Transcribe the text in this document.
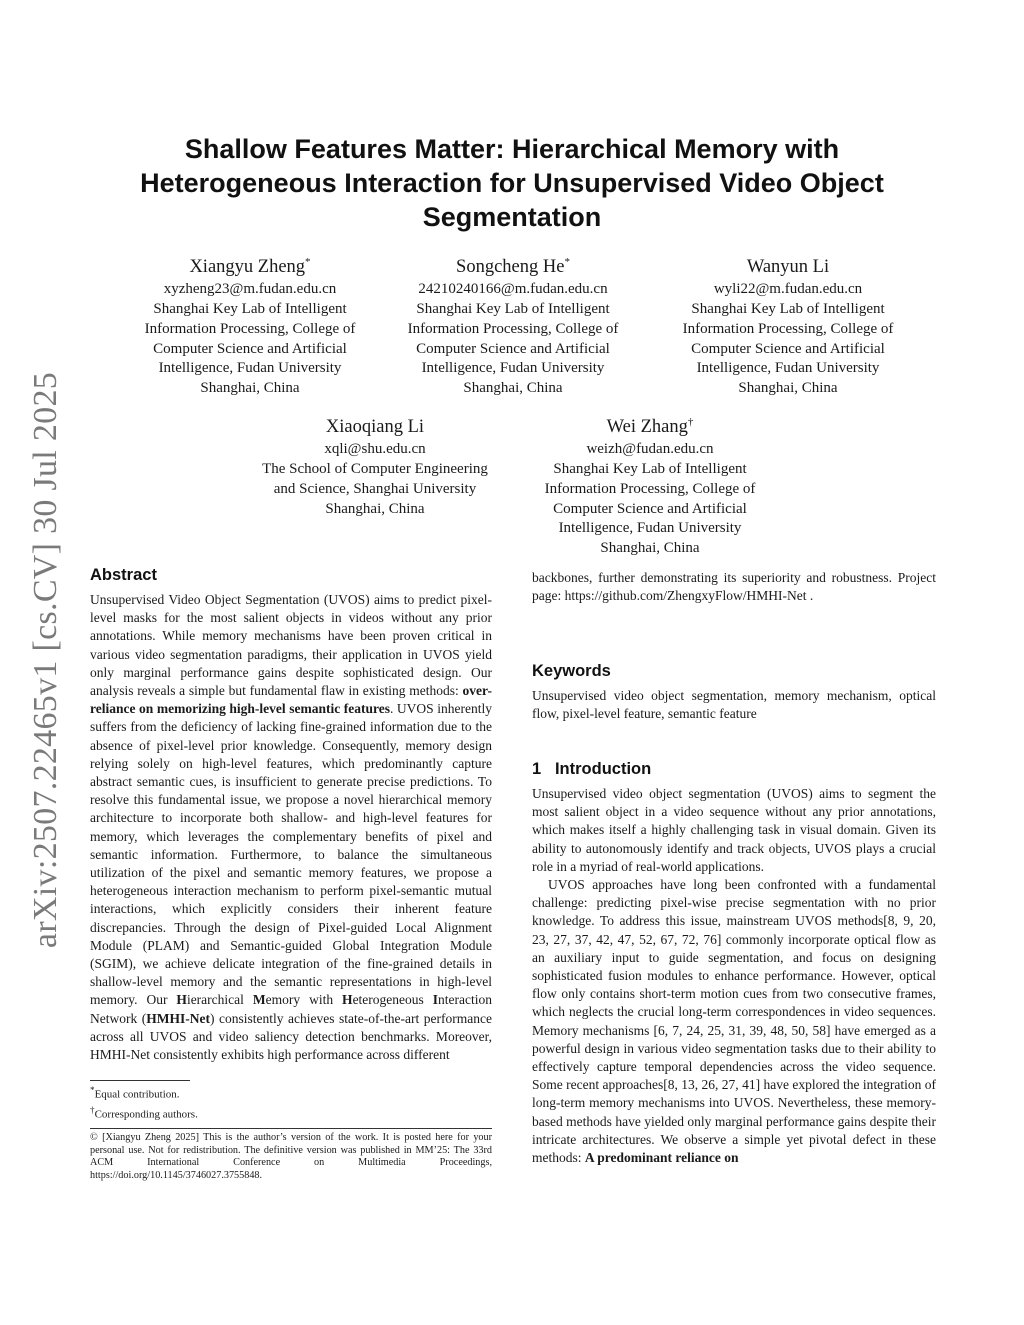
arXiv:2507.22465v1 [cs.CV] 30 Jul 2025
Shallow Features Matter: Hierarchical Memory with Heterogeneous Interaction for Unsupervised Video Object Segmentation
Xiangyu Zheng*
xyzheng23@m.fudan.edu.cn
Shanghai Key Lab of Intelligent
Information Processing, College of
Computer Science and Artificial
Intelligence, Fudan University
Shanghai, China
Songcheng He*
24210240166@m.fudan.edu.cn
Shanghai Key Lab of Intelligent
Information Processing, College of
Computer Science and Artificial
Intelligence, Fudan University
Shanghai, China
Wanyun Li
wyli22@m.fudan.edu.cn
Shanghai Key Lab of Intelligent
Information Processing, College of
Computer Science and Artificial
Intelligence, Fudan University
Shanghai, China
Xiaoqiang Li
xqli@shu.edu.cn
The School of Computer Engineering
and Science, Shanghai University
Shanghai, China
Wei Zhang†
weizh@fudan.edu.cn
Shanghai Key Lab of Intelligent
Information Processing, College of
Computer Science and Artificial
Intelligence, Fudan University
Shanghai, China
Abstract

Unsupervised Video Object Segmentation (UVOS) aims to predict pixel-level masks for the most salient objects in videos without any prior annotations. While memory mechanisms have been proven critical in various video segmentation paradigms, their application in UVOS yield only marginal performance gains despite sophisticated design. Our analysis reveals a simple but fundamental flaw in existing methods: over-reliance on memorizing high-level semantic features. UVOS inherently suffers from the deficiency of lacking fine-grained information due to the absence of pixel-level prior knowledge. Consequently, memory design relying solely on high-level features, which predominantly capture abstract semantic cues, is insufficient to generate precise predictions. To resolve this fundamental issue, we propose a novel hierarchical memory architecture to incorporate both shallow- and high-level features for memory, which leverages the complementary benefits of pixel and semantic information. Furthermore, to balance the simultaneous utilization of the pixel and semantic memory features, we propose a heterogeneous interaction mechanism to perform pixel-semantic mutual interactions, which explicitly considers their inherent feature discrepancies. Through the design of Pixel-guided Local Alignment Module (PLAM) and Semantic-guided Global Integration Module (SGIM), we achieve delicate integration of the fine-grained details in shallow-level memory and the semantic representations in high-level memory. Our Hierarchical Memory with Heterogeneous Interaction Network (HMHI-Net) consistently achieves state-of-the-art performance across all UVOS and video saliency detection benchmarks. Moreover, HMHI-Net consistently exhibits high performance across different

*Equal contribution.
†Corresponding authors.
© [Xiangyu Zheng 2025] This is the author’s version of the work. It is posted here for your personal use. Not for redistribution. The definitive version was published in MM’25: The 33rd ACM International Conference on Multimedia Proceedings, https://doi.org/10.1145/3746027.3755848.

backbones, further demonstrating its superiority and robustness. Project page: https://github.com/ZhengxyFlow/HMHI-Net .

Keywords
Unsupervised video object segmentation, memory mechanism, optical flow, pixel-level feature, semantic feature
1 Introduction

Unsupervised video object segmentation (UVOS) aims to segment the most salient object in a video sequence without any prior annotations, which makes itself a highly challenging task in visual domain. Given its ability to autonomously identify and track objects, UVOS plays a crucial role in a myriad of real-world applications.

UVOS approaches have long been confronted with a fundamental challenge: predicting pixel-wise precise segmentation with no prior knowledge. To address this issue, mainstream UVOS methods[8, 9, 20, 23, 27, 37, 42, 47, 52, 67, 72, 76] commonly incorporate optical flow as an auxiliary input to guide segmentation, and focus on designing sophisticated fusion modules to enhance performance. However, optical flow only contains short-term motion cues from two consecutive frames, which neglects the crucial long-term correspondences in video sequences. Memory mechanisms [6, 7, 24, 25, 31, 39, 48, 50, 58] have emerged as a powerful design in various video segmentation tasks due to their ability to effectively capture temporal dependencies across the video sequence. Some recent approaches[8, 13, 26, 27, 41] have explored the integration of long-term memory mechanisms into UVOS. Nevertheless, these memory-based methods have yielded only marginal performance gains despite their intricate architectures. We observe a simple yet pivotal defect in these methods: A predominant reliance on
